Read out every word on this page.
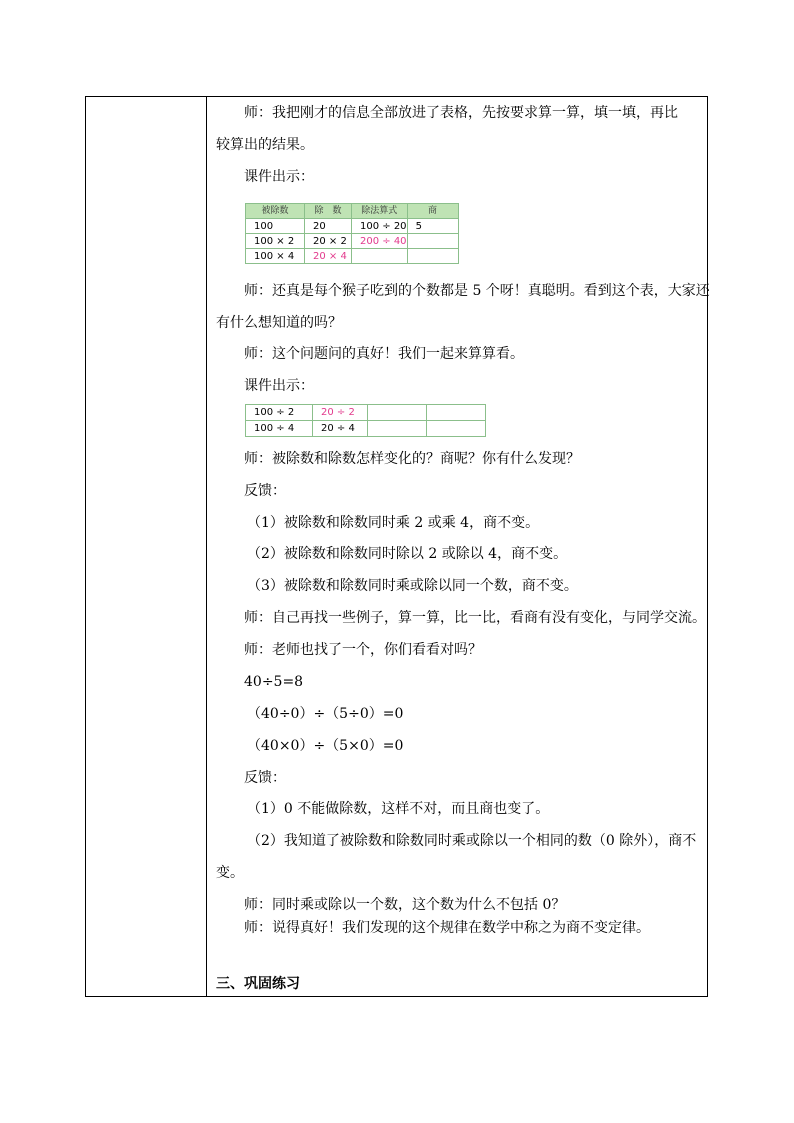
师：我把刚才的信息全部放进了表格，先按要求算一算，填一填，再比
较算出的结果。
课件出示：
被除数	除　数	除法算式	商
100	20	100 ÷ 20	5
100 × 2	20 × 2	200 ÷ 40	
100 × 4	20 × 4		
师：还真是每个猴子吃到的个数都是 5 个呀！真聪明。看到这个表，大家还
有什么想知道的吗？
师：这个问题问的真好！我们一起来算算看。
课件出示：
100 ÷ 2	20 ÷ 2		
100 ÷ 4	20 ÷ 4		
师：被除数和除数怎样变化的？商呢？你有什么发现？
反馈：
（1）被除数和除数同时乘 2 或乘 4，商不变。
（2）被除数和除数同时除以 2 或除以 4，商不变。
（3）被除数和除数同时乘或除以同一个数，商不变。
师：自己再找一些例子，算一算，比一比，看商有没有变化，与同学交流。
师：老师也找了一个，你们看看对吗？
40÷5=8
（40÷0）÷（5÷0）=0
（40×0）÷（5×0）=0
反馈：
（1）0 不能做除数，这样不对，而且商也变了。
（2）我知道了被除数和除数同时乘或除以一个相同的数（0 除外），商不
变。
师：同时乘或除以一个数，这个数为什么不包括 0？
师：说得真好！我们发现的这个规律在数学中称之为商不变定律。
三、巩固练习
